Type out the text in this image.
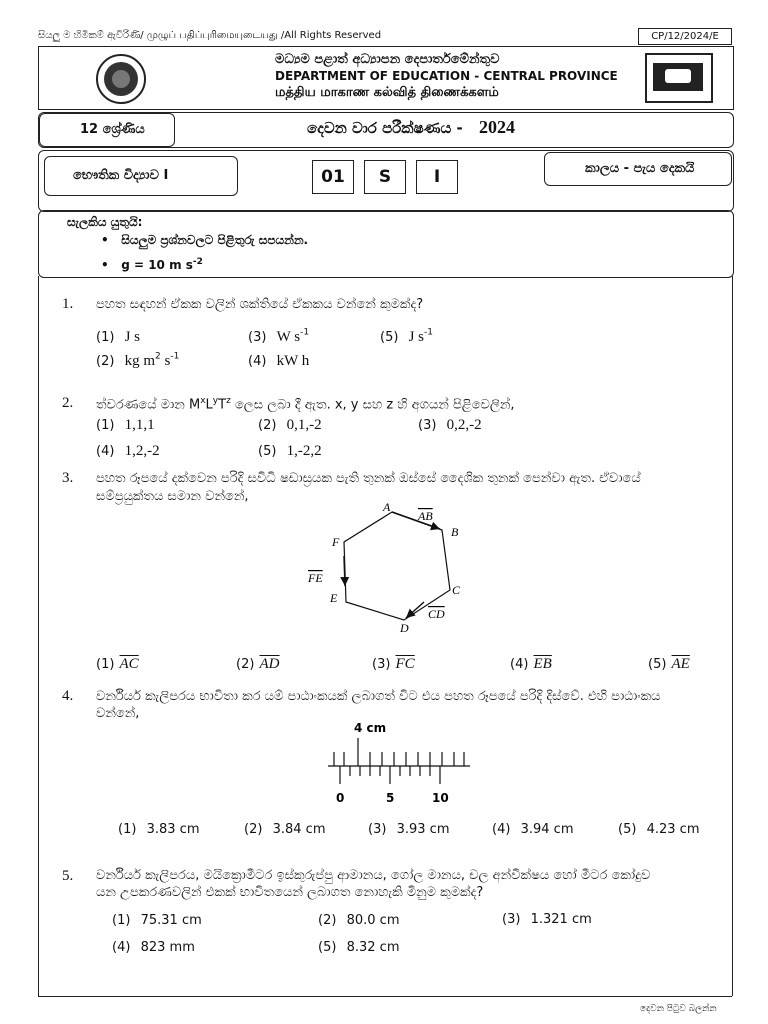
සියලු ම හිමිකම් ඇවිරිණි/ முழுப் பதிப்புரிமையுடையது /All Rights Reserved	CP/12/2024/E
මධ්‍යම පළාත් අධ්‍යාපන දෙපාර්තමේන්තුව
DEPARTMENT OF EDUCATION - CENTRAL PROVINCE
மத்திய மாகாண கல்வித் திணைக்களம்
12 ශ්‍රේණිය	දෙවන වාර පරීක්ෂණය - 2024
භෞතික විද්‍යාව I	01	S	I	කාලය - පැය දෙකයි
සැලකිය යුතුයි:
•   සියලුම ප්‍රශ්නවලට පිළිතුරු සපයන්න.
•   g = 10 m $s^{-2}$
1. පහත සඳහන් ඒකක වලින් ශක්තියේ ඒකකය වන්නේ කුමක්ද?
(1) J s	(3) W $s^{-1}$	(5) J $s^{-1}$
(2) kg $m^2$ $s^{-1}$	(4) kW h
2. ත්වරණයේ මාන $M^xL^yT^z$ ලෙස ලබා දී ඇත. x, y සහ z හි අගයන් පිළිවෙලින්,
(1) 1,1,1	(2) 0,1,-2	(3) 0,2,-2
(4) 1,2,-2	(5) 1,-2,2
3. පහත රූපයේ දක්වෙන පරිදි සවිධි ෂඩාස්‍රයක පැති තුනක් ඔස්සේ දෛශික තුනක් පෙන්වා ඇත. ඒවායේ
සම්ප්‍රයුක්තය සමාන වන්නේ,
A
B
C
D
E
F
AB
CD
FE
(1) $\overline{AC}$	(2) $\overline{AD}$	(3) $\overline{FC}$	(4) $\overline{EB}$	(5) $\overline{AE}$
4. වර්නියර් කැලිපරය භාවිතා කර යම් පාඨාංකයක් ලබාගත් විට එය පහත රූපයේ පරිදි දිස්වේ. එහි පාඨාංකය
වන්නේ,
4 cm
0	5	10
(1) 3.83 cm	(2) 3.84 cm	(3) 3.93 cm	(4) 3.94 cm	(5) 4.23 cm
5. වර්නියර් කැලිපරය, මයික්‍රොමීටර ඉස්කුරුප්පු ආමානය, ගෝල මානය, චල අන්වීක්ෂය හෝ මීටර කෝදුව
යන උපකරණවලින් එකක් භාවිතයෙන් ලබාගත නොහැකි මිනුම කුමක්ද?
(1) 75.31 cm	(2) 80.0 cm	(3) 1.321 cm
(4) 823 mm	(5) 8.32 cm
දෙවන පිටුව බලන්න
